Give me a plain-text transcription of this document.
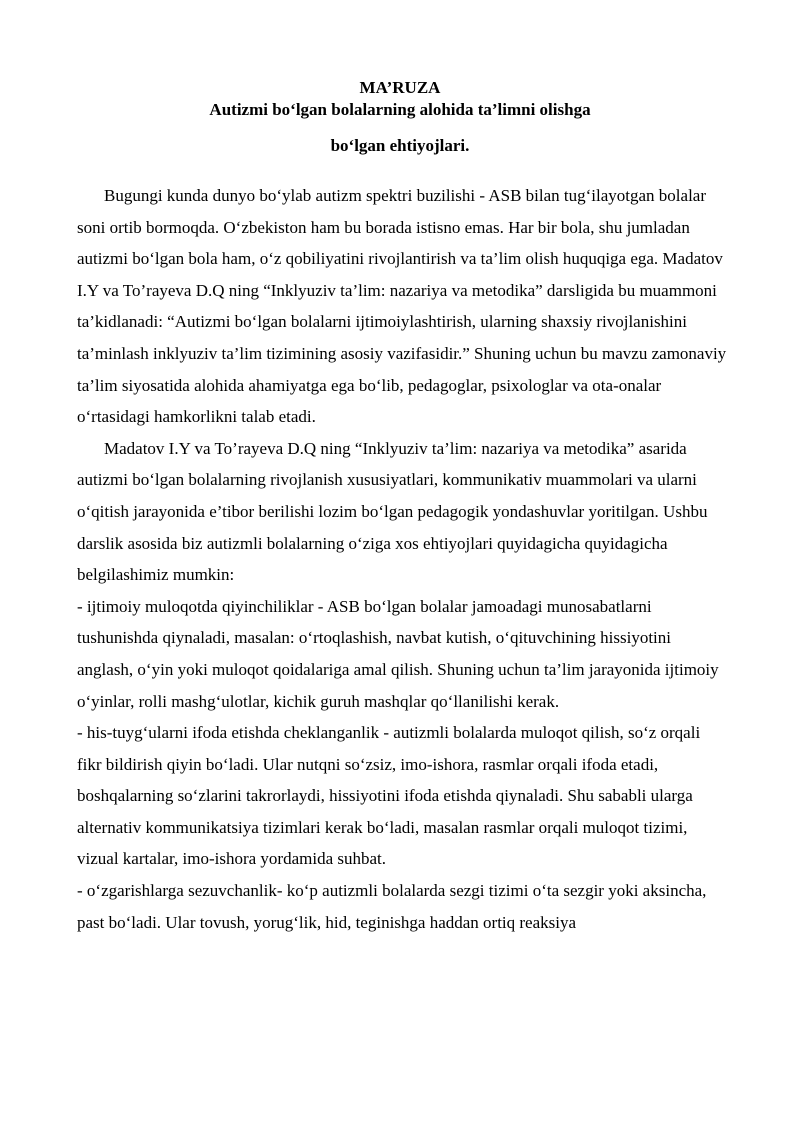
MA’RUZA
Autizmi bo‘lgan bolalarning alohida ta’limni olishga
bo‘lgan ehtiyojlari.

Bugungi kunda dunyo bo‘ylab autizm spektri buzilishi - ASB bilan tug‘ilayotgan bolalar soni ortib bormoqda. O‘zbekiston ham bu borada istisno emas. Har bir bola, shu jumladan autizmi bo‘lgan bola ham, o‘z qobiliyatini rivojlantirish va ta’lim olish huquqiga ega. Madatov I.Y va To’rayeva D.Q ning “Inklyuziv ta’lim: nazariya va metodika” darsligida bu muammoni ta’kidlanadi: “Autizmi bo‘lgan bolalarni ijtimoiylashtirish, ularning shaxsiy rivojlanishini ta’minlash inklyuziv ta’lim tizimining asosiy vazifasidir.” Shuning uchun bu mavzu zamonaviy ta’lim siyosatida alohida ahamiyatga ega bo‘lib, pedagoglar, psixologlar va ota-onalar o‘rtasidagi hamkorlikni talab etadi.

Madatov I.Y va To’rayeva D.Q ning “Inklyuziv ta’lim: nazariya va metodika” asarida autizmi bo‘lgan bolalarning rivojlanish xususiyatlari, kommunikativ muammolari va ularni o‘qitish jarayonida e’tibor berilishi lozim bo‘lgan pedagogik yondashuvlar yoritilgan. Ushbu darslik asosida biz autizmli bolalarning o‘ziga xos ehtiyojlari quyidagicha quyidagicha belgilashimiz mumkin:

- ijtimoiy muloqotda qiyinchiliklar - ASB bo‘lgan bolalar jamoadagi munosabatlarni tushunishda qiynaladi, masalan: o‘rtoqlashish, navbat kutish, o‘qituvchining hissiyotini anglash, o‘yin yoki muloqot qoidalariga amal qilish. Shuning uchun ta’lim jarayonida ijtimoiy o‘yinlar, rolli mashg‘ulotlar, kichik guruh mashqlar qo‘llanilishi kerak.

- his-tuyg‘ularni ifoda etishda cheklanganlik - autizmli bolalarda muloqot qilish, so‘z orqali fikr bildirish qiyin bo‘ladi. Ular nutqni so‘zsiz, imo-ishora, rasmlar orqali ifoda etadi, boshqalarning so‘zlarini takrorlaydi, hissiyotini ifoda etishda qiynaladi. Shu sababli ularga alternativ kommunikatsiya tizimlari kerak bo‘ladi, masalan rasmlar orqali muloqot tizimi, vizual kartalar, imo-ishora yordamida suhbat.

- o‘zgarishlarga sezuvchanlik- ko‘p autizmli bolalarda sezgi tizimi o‘ta sezgir yoki aksincha, past bo‘ladi. Ular tovush, yorug‘lik, hid, teginishga haddan ortiq reaksiya
